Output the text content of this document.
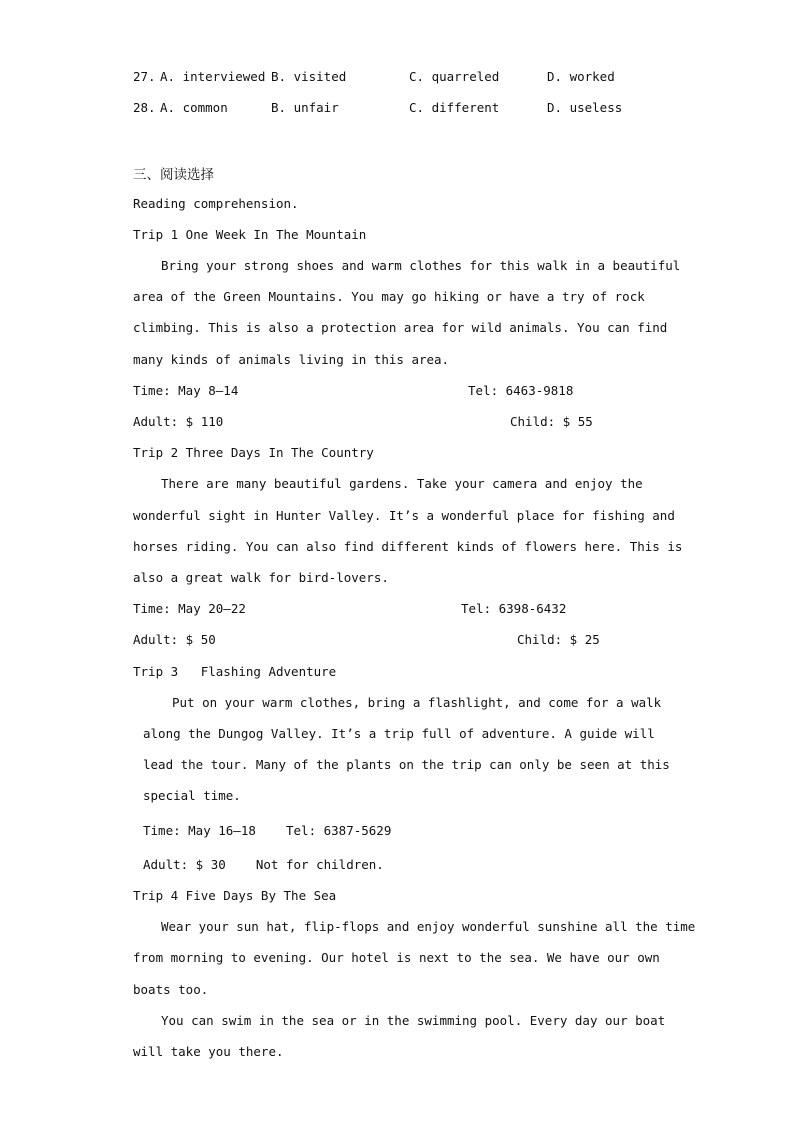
27. A. interviewed B. visited	C. quarreled	D. worked
28. A. common	B. unfair	C. different	D. useless
三、阅读选择
Reading comprehension.
Trip 1 One Week In The Mountain
Bring your strong shoes and warm clothes for this walk in a beautiful
area of the Green Mountains. You may go hiking or have a try of rock
climbing. This is also a protection area for wild animals. You can find
many kinds of animals living in this area.
Time: May 8—14	Tel: 6463-9818
Adult: $ 110	Child: $ 55
Trip 2 Three Days In The Country
There are many beautiful gardens. Take your camera and enjoy the
wonderful sight in Hunter Valley. It’s a wonderful place for fishing and
horses riding. You can also find different kinds of flowers here. This is
also a great walk for bird-lovers.
Time: May 20—22	Tel: 6398-6432
Adult: $ 50	Child: $ 25
Trip 3   Flashing Adventure
Put on your warm clothes, bring a flashlight, and come for a walk
along the Dungog Valley. It’s a trip full of adventure. A guide will
lead the tour. Many of the plants on the trip can only be seen at this
special time.
Time: May 16—18    Tel: 6387-5629
Adult: $ 30    Not for children.
Trip 4 Five Days By The Sea
Wear your sun hat, flip-flops and enjoy wonderful sunshine all the time
from morning to evening. Our hotel is next to the sea. We have our own
boats too.
You can swim in the sea or in the swimming pool. Every day our boat
will take you there.
